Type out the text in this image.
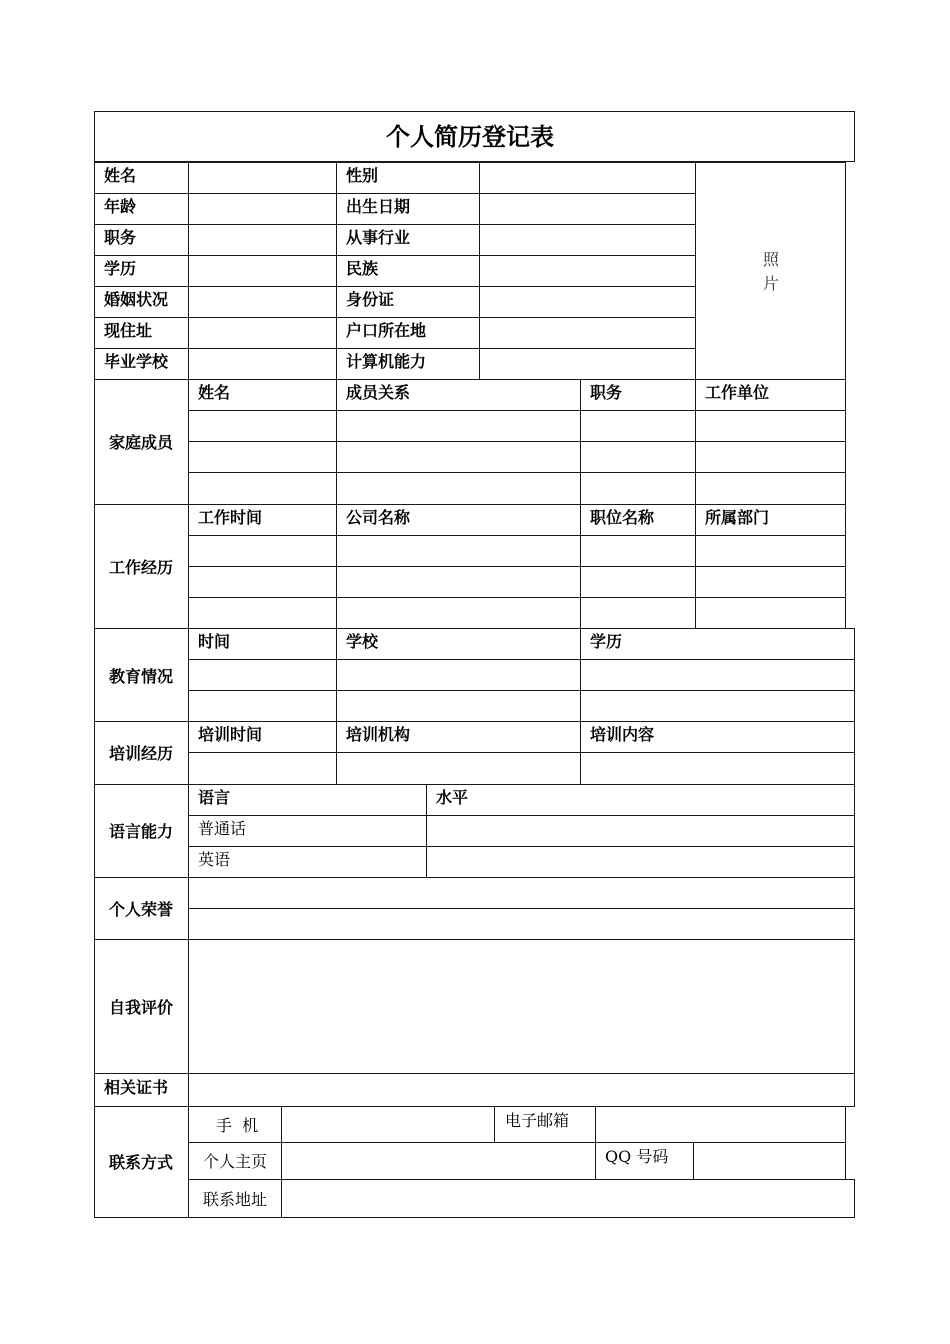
个人简历登记表
姓名	性别
年龄	出生日期
职务	从事行业
学历	民族
婚姻状况	身份证
现住址	户口所在地
毕业学校	计算机能力
照 片
家庭成员
姓名	成员关系	职务	工作单位
工作经历
工作时间	公司名称	职位名称	所属部门
教育情况
时间	学校	学历
培训经历
培训时间	培训机构	培训内容
语言能力
语言	水平
普通话
英语
个人荣誉
自我评价
相关证书
联系方式
手  机	电子邮箱
个人主页	QQ 号码
联系地址
